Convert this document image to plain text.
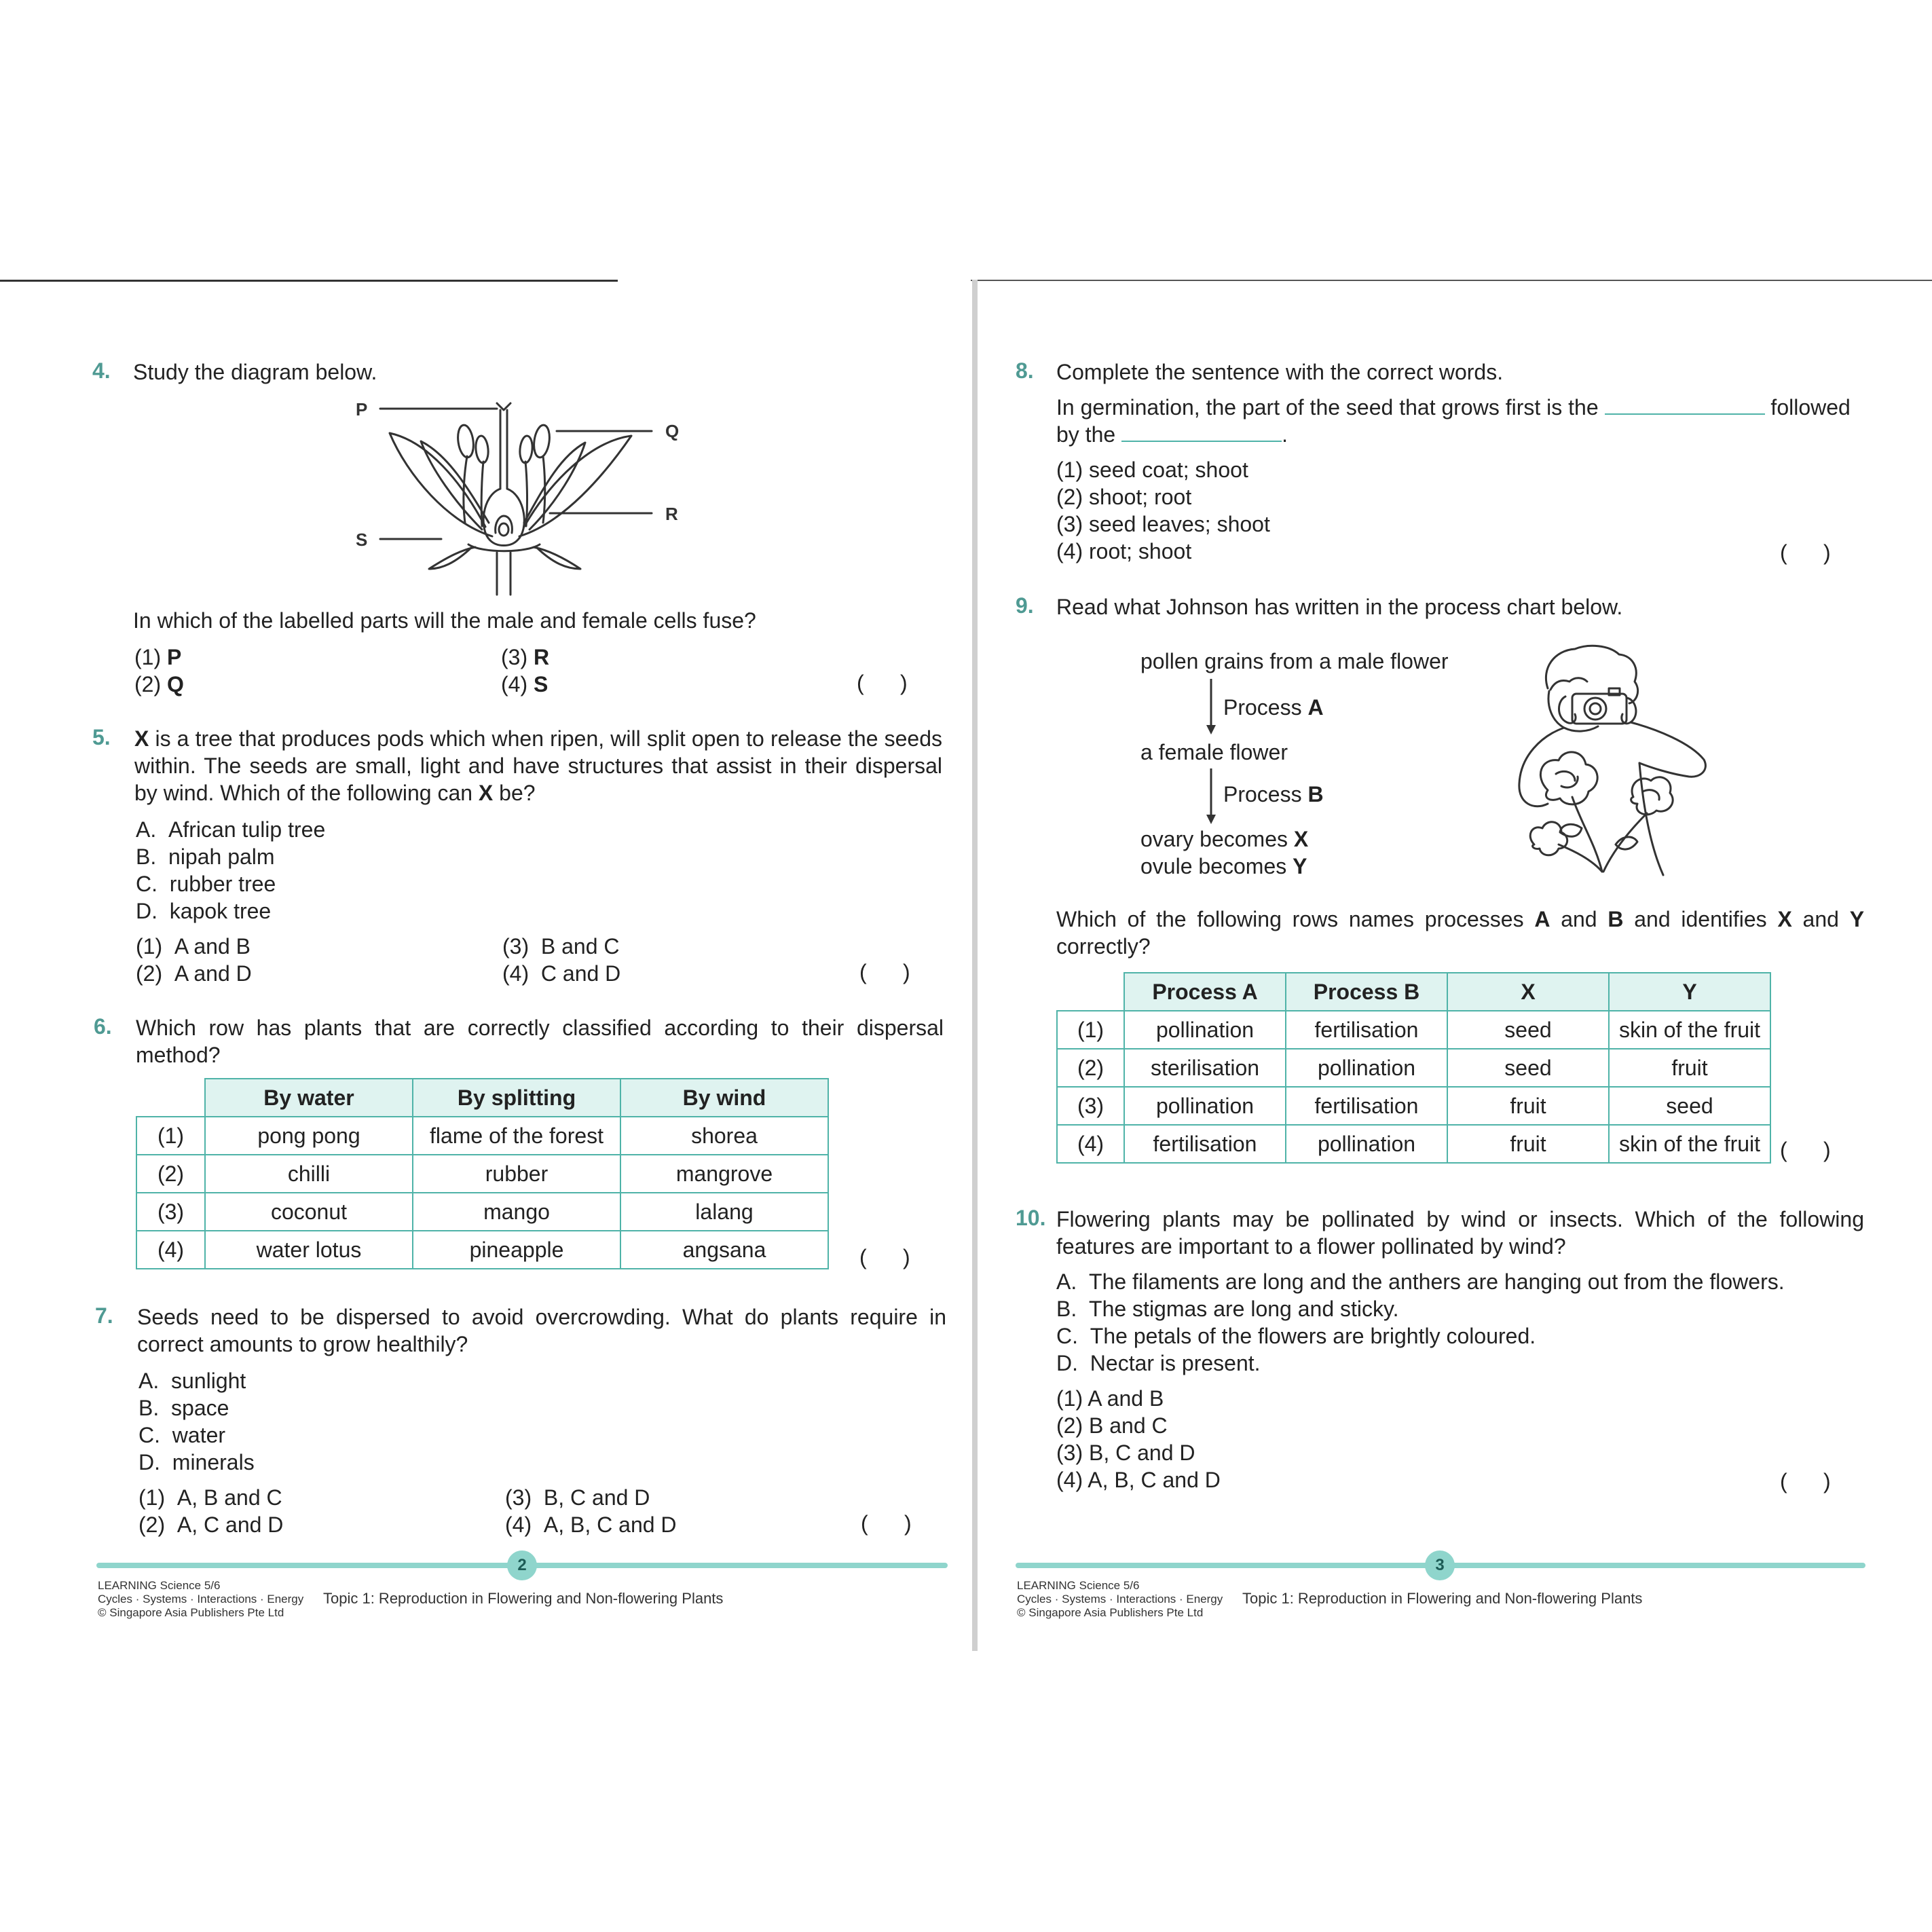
4. Study the diagram below.
P
Q
R
S
In which of the labelled parts will the male and female cells fuse?
(1) P
(2) Q
(3) R
(4) S	(      )
5. X is a tree that produces pods which when ripen, will split open to release the seeds within. The seeds are small, light and have structures that assist in their dispersal by wind. Which of the following can X be?
A. African tulip tree
B. nipah palm
C. rubber tree
D. kapok tree
(1) A and B
(2) A and D
(3) B and C
(4) C and D	(      )
6. Which row has plants that are correctly classified according to their dispersal method?
	By water	By splitting	By wind
(1)	pong pong	flame of the forest	shorea
(2)	chilli	rubber	mangrove
(3)	coconut	mango	lalang
(4)	water lotus	pineapple	angsana	(      )
7. Seeds need to be dispersed to avoid overcrowding. What do plants require in correct amounts to grow healthily?
A. sunlight
B. space
C. water
D. minerals
(1) A, B and C
(2) A, C and D
(3) B, C and D
(4) A, B, C and D	(      )
2
LEARNING Science 5/6
Cycles · Systems · Interactions · Energy
© Singapore Asia Publishers Pte Ltd
Topic 1: Reproduction in Flowering and Non-flowering Plants
8. Complete the sentence with the correct words.
In germination, the part of the seed that grows first is the	followed
by the	.
(1) seed coat; shoot
(2) shoot; root
(3) seed leaves; shoot
(4) root; shoot	(      )
9. Read what Johnson has written in the process chart below.
pollen grains from a male flower
Process A
a female flower
Process B
ovary becomes X
ovule becomes Y
Which of the following rows names processes A and B and identifies X and Y correctly?
	Process A	Process B	X	Y
(1)	pollination	fertilisation	seed	skin of the fruit
(2)	sterilisation	pollination	seed	fruit
(3)	pollination	fertilisation	fruit	seed
(4)	fertilisation	pollination	fruit	skin of the fruit (      )
10. Flowering plants may be pollinated by wind or insects. Which of the following features are important to a flower pollinated by wind?
A. The filaments are long and the anthers are hanging out from the flowers.
B. The stigmas are long and sticky.
C. The petals of the flowers are brightly coloured.
D. Nectar is present.
(1) A and B
(2) B and C
(3) B, C and D
(4) A, B, C and D	(      )
3
LEARNING Science 5/6
Cycles · Systems · Interactions · Energy
© Singapore Asia Publishers Pte Ltd
Topic 1: Reproduction in Flowering and Non-flowering Plants
